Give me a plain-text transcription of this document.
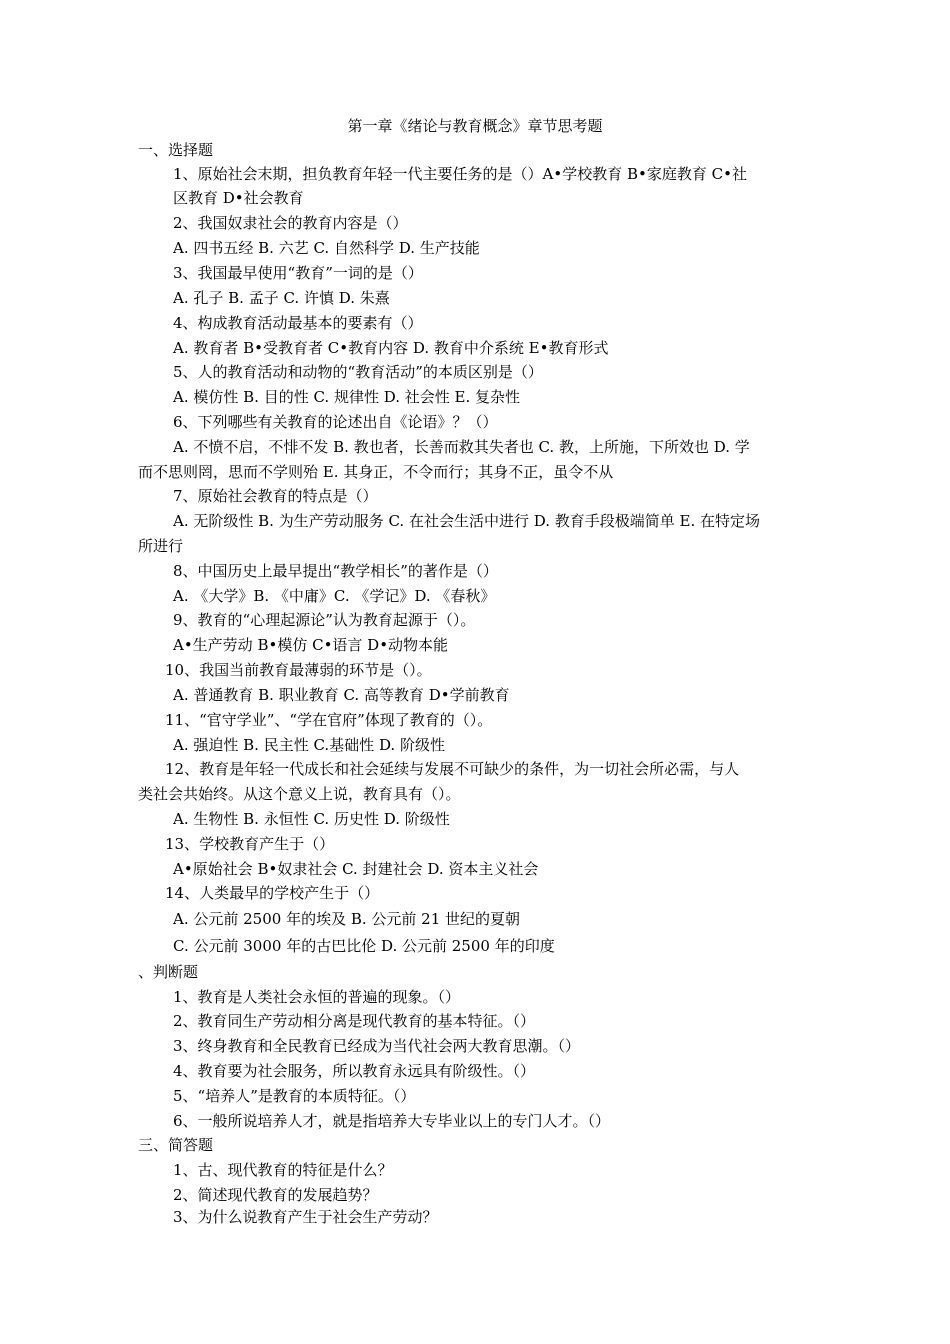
第一章《绪论与教育概念》章节思考题
一、选择题
1、原始社会末期，担负教育年轻一代主要任务的是（）A•学校教育 B•家庭教育 C•社
区教育 D•社会教育
2、我国奴隶社会的教育内容是（）
A. 四书五经 B. 六艺 C. 自然科学 D. 生产技能
3、我国最早使用“教育”一词的是（）
A. 孔子 B. 孟子 C. 许慎 D. 朱熹
4、构成教育活动最基本的要素有（）
A. 教育者 B•受教育者 C•教育内容 D. 教育中介系统 E•教育形式
5、人的教育活动和动物的“教育活动”的本质区别是（）
A. 模仿性 B. 目的性 C. 规律性 D. 社会性 E. 复杂性
6、下列哪些有关教育的论述出自《论语》？（）
A. 不愤不启，不悱不发 B. 教也者，长善而救其失者也 C. 教，上所施，下所效也 D. 学
而不思则罔，思而不学则殆 E. 其身正，不令而行；其身不正，虽令不从
7、原始社会教育的特点是（）
A. 无阶级性 B. 为生产劳动服务 C. 在社会生活中进行 D. 教育手段极端简单 E. 在特定场
所进行
8、中国历史上最早提出“教学相长”的著作是（）
A. 《大学》B. 《中庸》C. 《学记》D. 《春秋》
9、教育的“心理起源论”认为教育起源于（）。
A•生产劳动 B•模仿 C•语言 D•动物本能
10、我国当前教育最薄弱的环节是（）。
A. 普通教育 B. 职业教育 C. 高等教育 D•学前教育
11、“官守学业”、“学在官府”体现了教育的（）。
A. 强迫性 B. 民主性 C.基础性 D. 阶级性
12、教育是年轻一代成长和社会延续与发展不可缺少的条件，为一切社会所必需，与人
类社会共始终。从这个意义上说，教育具有（）。
A. 生物性 B. 永恒性 C. 历史性 D. 阶级性
13、学校教育产生于（）
A•原始社会 B•奴隶社会 C. 封建社会 D. 资本主义社会
14、人类最早的学校产生于（）
A. 公元前 2500 年的埃及 B. 公元前 21 世纪的夏朝
C. 公元前 3000 年的古巴比伦 D. 公元前 2500 年的印度
、判断题
1、教育是人类社会永恒的普遍的现象。（）
2、教育同生产劳动相分离是现代教育的基本特征。（）
3、终身教育和全民教育已经成为当代社会两大教育思潮。（）
4、教育要为社会服务，所以教育永远具有阶级性。（）
5、“培养人”是教育的本质特征。（）
6、一般所说培养人才，就是指培养大专毕业以上的专门人才。（）
三、简答题
1、古、现代教育的特征是什么？
2、简述现代教育的发展趋势？
3、为什么说教育产生于社会生产劳动？
